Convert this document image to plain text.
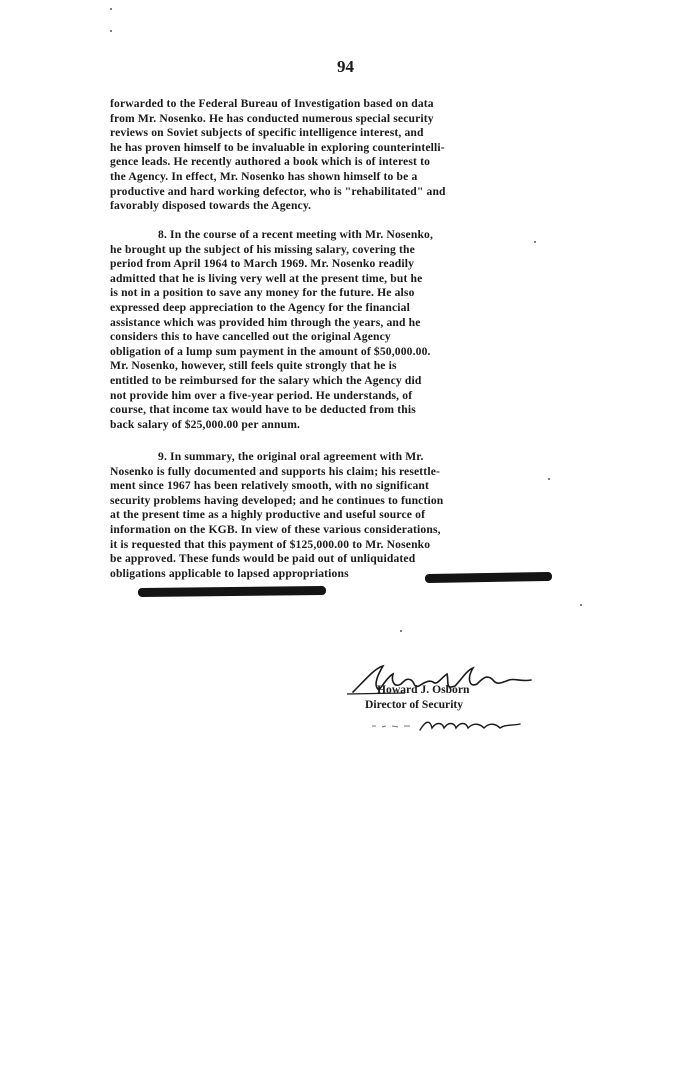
94
forwarded to the Federal Bureau of Investigation based on data
from Mr. Nosenko. He has conducted numerous special security
reviews on Soviet subjects of specific intelligence interest, and
he has proven himself to be invaluable in exploring counterintelli-
gence leads. He recently authored a book which is of interest to
the Agency. In effect, Mr. Nosenko has shown himself to be a
productive and hard working defector, who is "rehabilitated" and
favorably disposed towards the Agency.
8. In the course of a recent meeting with Mr. Nosenko,
he brought up the subject of his missing salary, covering the
period from April 1964 to March 1969. Mr. Nosenko readily
admitted that he is living very well at the present time, but he
is not in a position to save any money for the future. He also
expressed deep appreciation to the Agency for the financial
assistance which was provided him through the years, and he
considers this to have cancelled out the original Agency
obligation of a lump sum payment in the amount of $50,000.00.
Mr. Nosenko, however, still feels quite strongly that he is
entitled to be reimbursed for the salary which the Agency did
not provide him over a five-year period. He understands, of
course, that income tax would have to be deducted from this
back salary of $25,000.00 per annum.
9. In summary, the original oral agreement with Mr.
Nosenko is fully documented and supports his claim; his resettle-
ment since 1967 has been relatively smooth, with no significant
security problems having developed; and he continues to function
at the present time as a highly productive and useful source of
information on the KGB. In view of these various considerations,
it is requested that this payment of $125,000.00 to Mr. Nosenko
be approved. These funds would be paid out of unliquidated
obligations applicable to lapsed appropriations
Howard J. Osborn
Director of Security
